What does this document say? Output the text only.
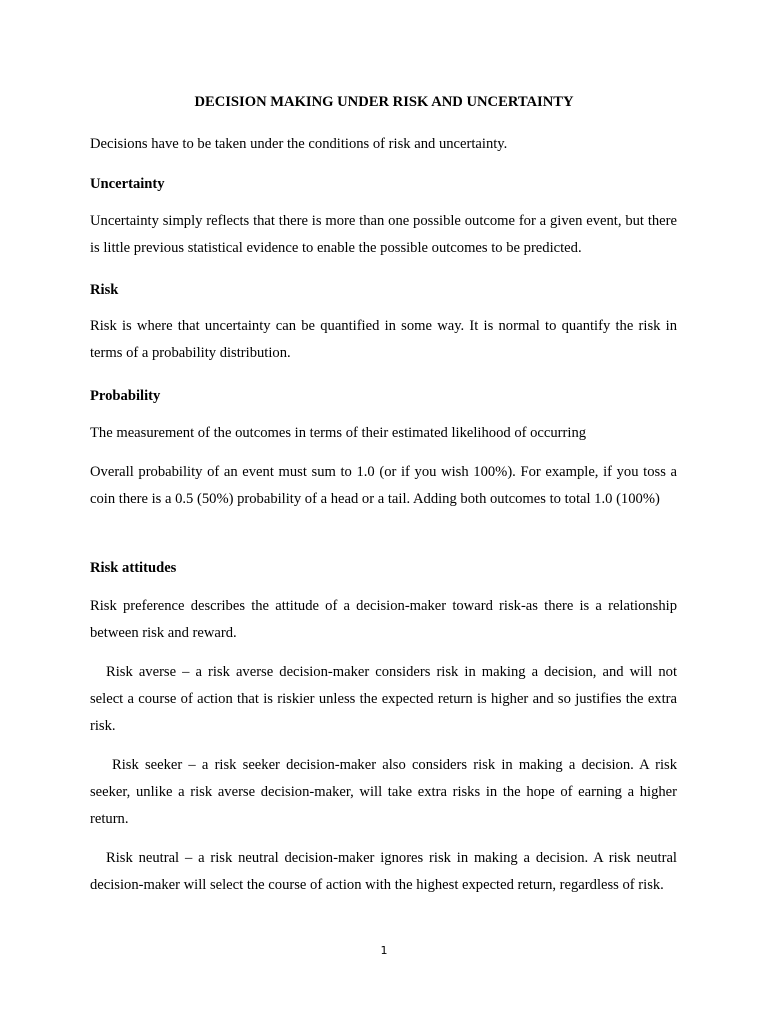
DECISION MAKING UNDER RISK AND UNCERTAINTY

Decisions have to be taken under the conditions of risk and uncertainty.

Uncertainty

Uncertainty simply reflects that there is more than one possible outcome for a given event, but there is little previous statistical evidence to enable the possible outcomes to be predicted.

Risk

Risk is where that uncertainty can be quantified in some way. It is normal to quantify the risk in terms of a probability distribution.

Probability

The measurement of the outcomes in terms of their estimated likelihood of occurring

Overall probability of an event must sum to 1.0 (or if you wish 100%). For example, if you toss a coin there is a 0.5 (50%) probability of a head or a tail. Adding both outcomes to total 1.0 (100%)

Risk attitudes

Risk preference describes the attitude of a decision-maker toward risk-as there is a relationship between risk and reward.

Risk averse – a risk averse decision-maker considers risk in making a decision, and will not select a course of action that is riskier unless the expected return is higher and so justifies the extra risk.

Risk seeker – a risk seeker decision-maker also considers risk in making a decision. A risk seeker, unlike a risk averse decision-maker, will take extra risks in the hope of earning a higher return.

Risk neutral – a risk neutral decision-maker ignores risk in making a decision. A risk neutral decision-maker will select the course of action with the highest expected return, regardless of risk.

1
